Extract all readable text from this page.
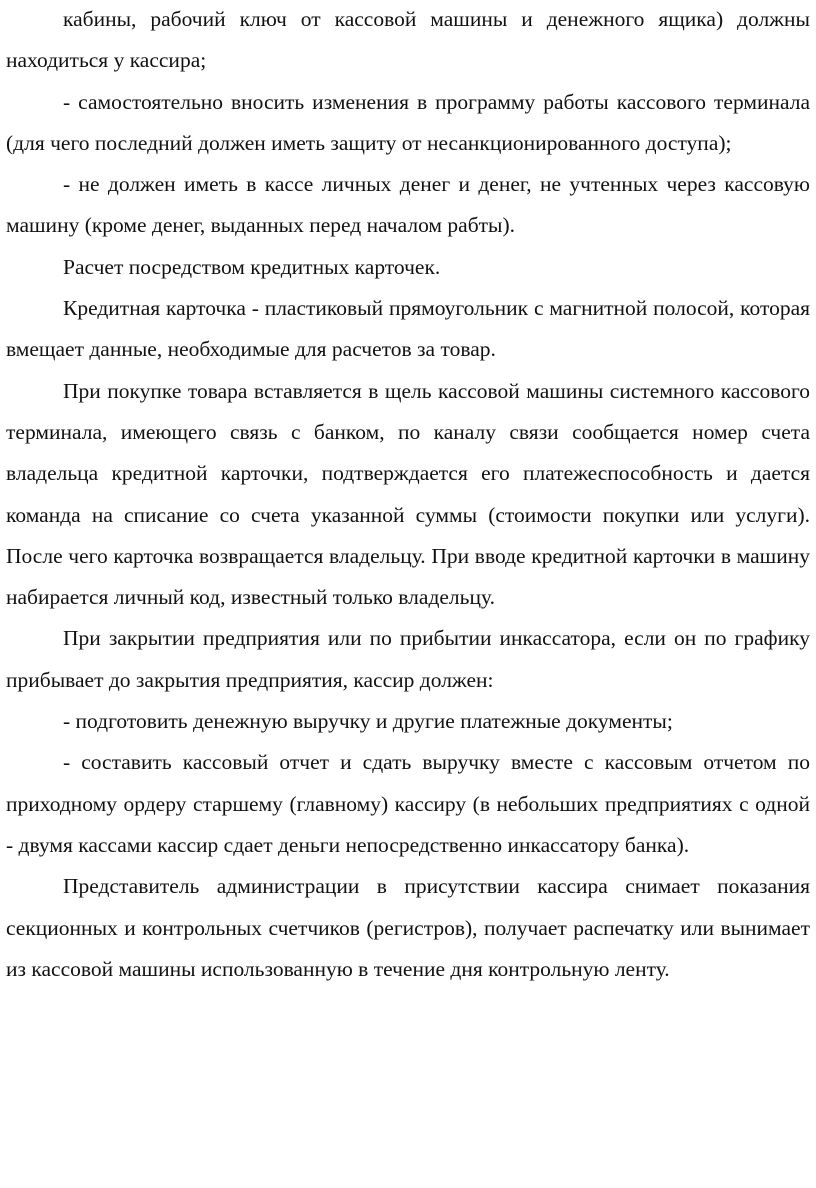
кабины, рабочий ключ от кассовой машины и денежного ящика) должны находиться у кассира;

- самостоятельно вносить изменения в программу работы кассового терминала (для чего последний должен иметь защиту от несанкционированного доступа);

- не должен иметь в кассе личных денег и денег, не учтенных через кассовую машину (кроме денег, выданных перед началом рабты).

Расчет посредством кредитных карточек.

Кредитная карточка - пластиковый прямоугольник с магнитной полосой, которая вмещает данные, необходимые для расчетов за товар.

При покупке товара вставляется в щель кассовой машины системного кассового терминала, имеющего связь с банком, по каналу связи сообщается номер счета владельца кредитной карточки, подтверждается его платежеспособность и дается команда на списание со счета указанной суммы (стоимости покупки или услуги). После чего карточка возвращается владельцу. При вводе кредитной карточки в машину набирается личный код, известный только владельцу.

При закрытии предприятия или по прибытии инкассатора, если он по графику прибывает до закрытия предприятия, кассир должен:

- подготовить денежную выручку и другие платежные документы;

- составить кассовый отчет и сдать выручку вместе с кассовым отчетом по приходному ордеру старшему (главному) кассиру (в небольших предприятиях с одной - двумя кассами кассир сдает деньги непосредственно инкассатору банка).

Представитель администрации в присутствии кассира снимает показания секционных и контрольных счетчиков (регистров), получает распечатку или вынимает из кассовой машины использованную в течение дня контрольную ленту.
